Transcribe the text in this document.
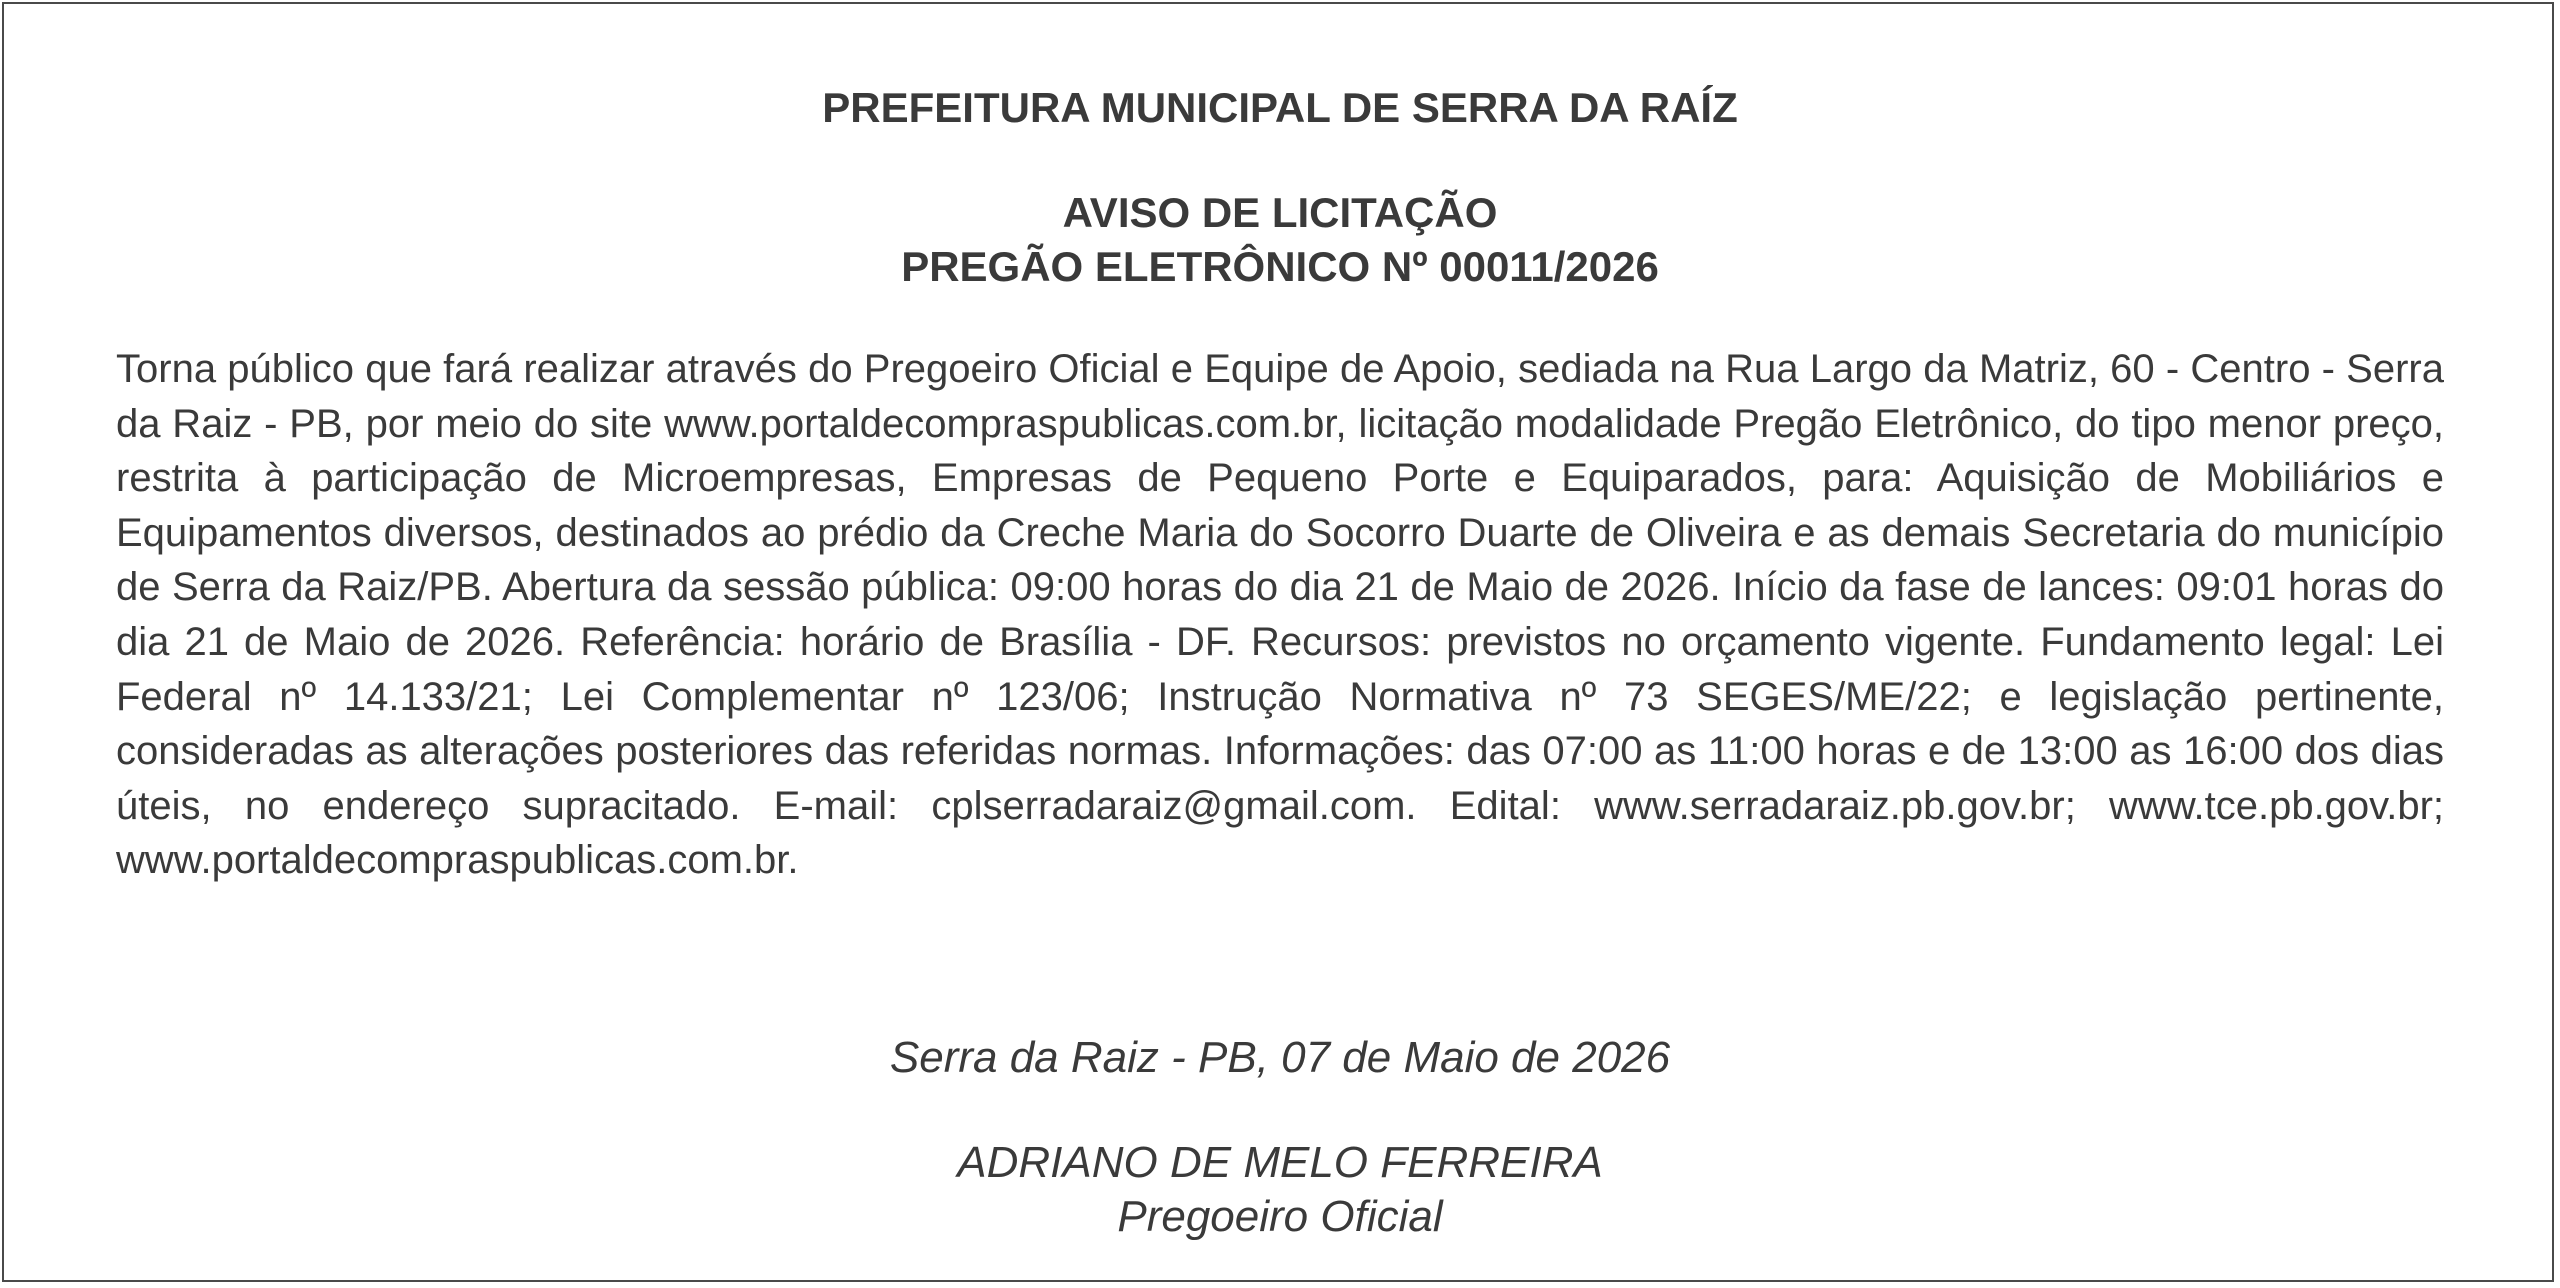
PREFEITURA MUNICIPAL DE SERRA DA RAÍZ
AVISO DE LICITAÇÃO
PREGÃO ELETRÔNICO Nº 00011/2026
Torna público que fará realizar através do Pregoeiro Oficial e Equipe de Apoio, sediada na Rua Largo da Matriz, 60 - Centro - Serra da Raiz - PB, por meio do site www.portaldecompraspublicas.com.br, licitação modalidade Pregão Eletrônico, do tipo menor preço, restrita à participação de Microempresas, Empresas de Pequeno Porte e Equiparados, para: Aquisição de Mobiliários e Equipamentos diversos, destinados ao prédio da Creche Maria do Socorro Duarte de Oliveira e as demais Secretaria do município de Serra da Raiz/PB. Abertura da sessão pública: 09:00 horas do dia 21 de Maio de 2026. Início da fase de lances: 09:01 horas do dia 21 de Maio de 2026. Referência: horário de Brasília - DF. Recursos: previstos no orçamento vigente. Fundamento legal: Lei Federal nº 14.133/21; Lei Complementar nº 123/06; Instrução Normativa nº 73 SEGES/ME/22; e legislação pertinente, consideradas as alterações posteriores das referidas normas. Informações: das 07:00 as 11:00 horas e de 13:00 as 16:00 dos dias úteis, no endereço supracitado. E-mail: cplserradaraiz@gmail.com. Edital: www.serradaraiz.pb.gov.br; www.tce.pb.gov.br; www.portaldecompraspublicas.com.br.
Serra da Raiz - PB, 07 de Maio de 2026
ADRIANO DE MELO FERREIRA
Pregoeiro Oficial
